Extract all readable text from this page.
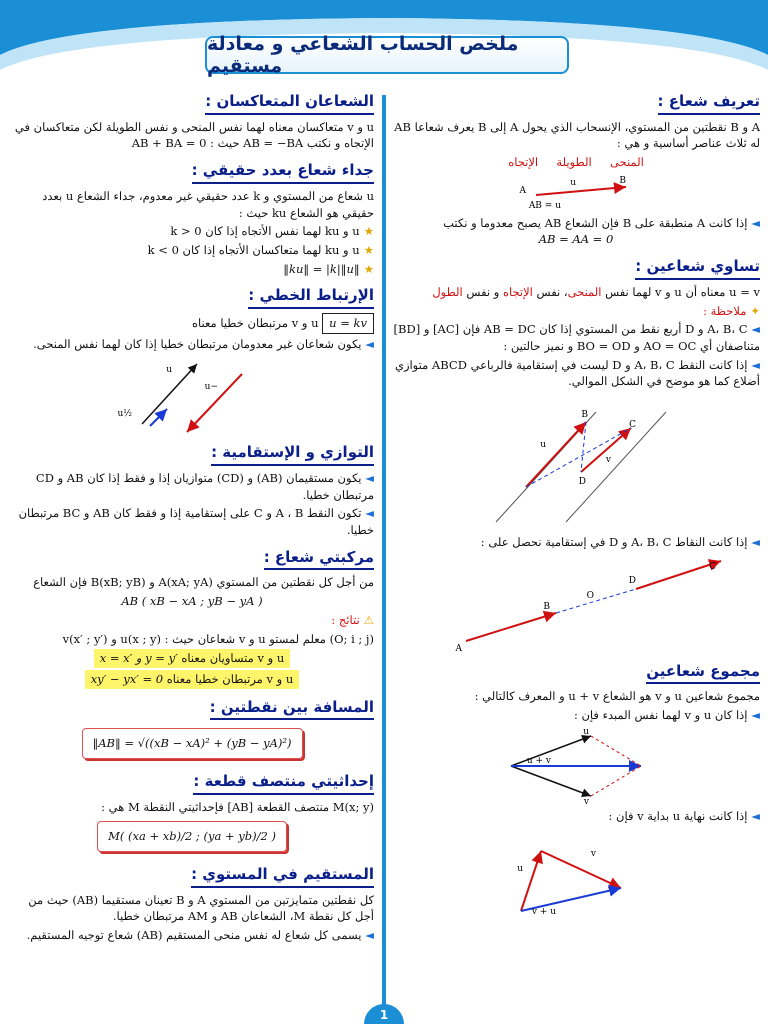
ملخص الحساب الشعاعي و معادلة مستقيم
تعريف شعاع :
A و B نقطتين من المستوي، الإنسحاب الذي يحول A إلى B يعرف شعاعا AB له ثلاث عناصر أساسية و هي :
المنحى     الطويلة     الإتجاه
A
u	B
AB = u
◄ إذا كانت A منطبقة على B فإن الشعاع AB يصبح معدوما و نكتب
AB = AA = 0
تساوي شعاعين :
u = v معناه أن u و v لهما نفس المنحى، نفس الإتجاه و نفس الطول
✦ملاحظة :
◄ A، B، C و D أربع نقط من المستوي إذا كان AB = DC فإن [AC] و [BD] متناصفان أي AO = OC و BO = OD و نميز حالتين :
◄ إذا كانت النقط A، B، C و D ليست في إستقامية فالرباعي ABCD متوازي أضلاع كما هو موضح في الشكل الموالي.
B
C
D
u
v
◄ إذا كانت النقاط A، B، C و D في إستقامية نحصل على :
A
B
O
D
C
مجموع شعاعين
مجموع شعاعين u و v هو الشعاع u + v و المعرف كالتالي :
◄ إذا كان u و v لهما نفس المبدء فإن :
u
v
u + v
◄ إذا كانت نهاية u بداية v فإن :
u
v
v + u
الشعاعان المتعاكسان :
u و v متعاكسان معناه لهما نفس المنحى و نفس الطويلة لكن متعاكسان في الإتجاه و نكتب AB = −BA حيث : AB + BA = 0
جداء شعاع بعدد حقيقي :
u شعاع من المستوي و k عدد حقيقي غير معدوم، جداء الشعاع u بعدد حقيقي هو الشعاع ku حيث :
★u و ku لهما نفس الأتجاه إذا كان k > 0
★u و ku لهما متعاكسان الأتجاه إذا كان k < 0
★‖ku‖ = |k|‖u‖
الإرتباط الخطي :
u = kv u و v مرتبطان خطيا معناه
◄ يكون شعاعان غير معدومان مرتبطان خطيا إذا كان لهما نفس المنحى.
u
½u
−u
التوازي و الإستقامية :
◄ يكون مستقيمان (AB) و (CD) متوازيان إذا و فقط إذا كان AB و CD مرتبطان خطيا.
◄ تكون النقط A ، B و C على إستقامية إذا و فقط كان AB و BC مرتبطان خطيا.
مركبتي شعاع :
من أجل كل نقطتين من المستوي A(xA; yA) و B(xB; yB) فإن الشعاع
AB ( xB − xA ; yB − yA )
⚠نتائج :
(O; i ; j) معلم لمستو u و v شعاعان حيث : u(x ; y) و v(x′ ; y′)
u و v متساويان معناه x = x′ و y = y′
u و v مرتبطان خطيا معناه xy′ − yx′ = 0
المسافة بين نقطتين :
‖AB‖ = √((xB − xA)² + (yB − yA)²)
إحداثيتي منتصف قطعة :
M(x; y) منتصف القطعة [AB] فإحداثيتي النقطة M هي :
M( (xa + xb)/2 ; (ya + yb)/2 )
المستقيم في المستوي :
كل نقطتين متمايزتين من المستوي A و B تعينان مستقيما (AB) حيث من أجل كل نقطة M، الشعاعان AB و AM مرتبطان خطيا.
◄ يسمى كل شعاع له نفس منحى المستقيم (AB) شعاع توجيه المستقيم.
1
